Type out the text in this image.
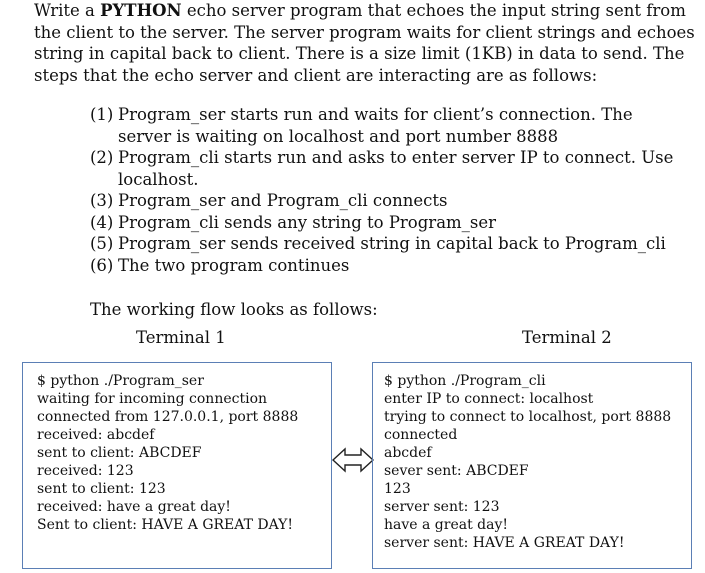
Write a PYTHON echo server program that echoes the input string sent from the client to the server. The server program waits for client strings and echoes string in capital back to client. There is a size limit (1KB) in data to send. The steps that the echo server and client are interacting are as follows:

(1) Program_ser starts run and waits for client’s connection. The server is waiting on localhost and port number 8888
(2) Program_cli starts run and asks to enter server IP to connect. Use localhost.
(3) Program_ser and Program_cli connects
(4) Program_cli sends any string to Program_ser
(5) Program_ser sends received string in capital back to Program_cli
(6) The two program continues
The working flow looks as follows:
Terminal 1	Terminal 2
$ python ./Program_ser
waiting for incoming connection
connected from 127.0.0.1, port 8888
received: abcdef
sent to client: ABCDEF
received: 123
sent to client: 123
received: have a great day!
Sent to client: HAVE A GREAT DAY!
$ python ./Program_cli
enter IP to connect: localhost
trying to connect to localhost, port 8888
connected
abcdef
sever sent: ABCDEF
123
server sent: 123
have a great day!
server sent: HAVE A GREAT DAY!
